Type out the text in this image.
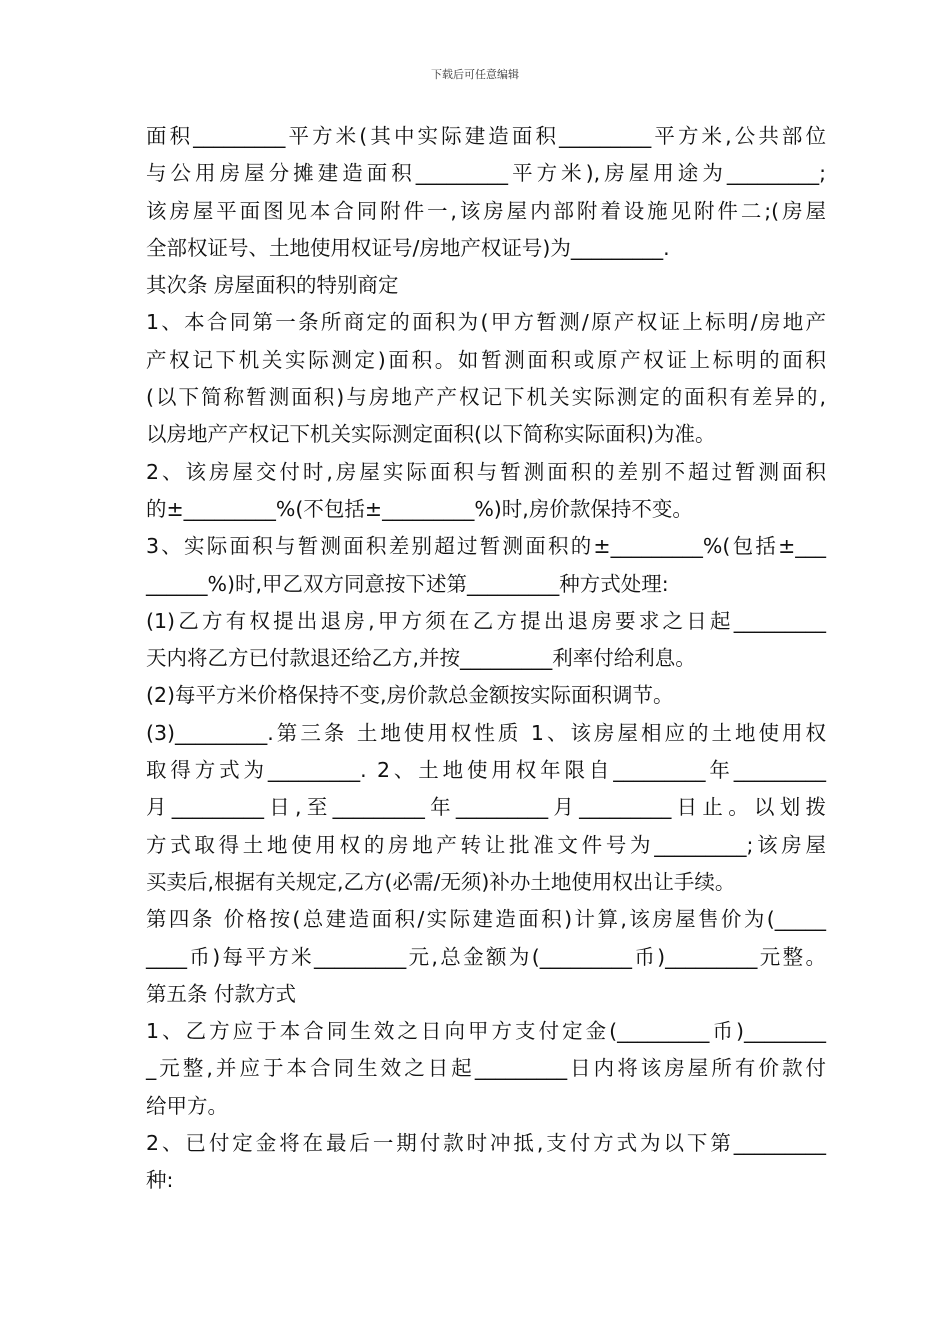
下载后可任意编辑
面积_________平方米(其中实际建造面积_________平方米,公共部位
与公用房屋分摊建造面积_________平方米),房屋用途为_________;
该房屋平面图见本合同附件一,该房屋内部附着设施见附件二;(房屋
全部权证号、土地使用权证号/房地产权证号)为_________.
其次条 房屋面积的特别商定
1、本合同第一条所商定的面积为(甲方暂测/原产权证上标明/房地产
产权记下机关实际测定)面积。如暂测面积或原产权证上标明的面积
(以下简称暂测面积)与房地产产权记下机关实际测定的面积有差异的,
以房地产产权记下机关实际测定面积(以下简称实际面积)为准。
2、该房屋交付时,房屋实际面积与暂测面积的差别不超过暂测面积
的±_________%(不包括±_________%)时,房价款保持不变。
3、实际面积与暂测面积差别超过暂测面积的±_________%(包括±___
______%)时,甲乙双方同意按下述第_________种方式处理:
(1)乙方有权提出退房,甲方须在乙方提出退房要求之日起_________
天内将乙方已付款退还给乙方,并按_________利率付给利息。
(2)每平方米价格保持不变,房价款总金额按实际面积调节。
(3)_________.第三条 土地使用权性质 1、该房屋相应的土地使用权
取得方式为_________. 2、土地使用权年限自_________年_________
月_________日,至_________年_________月_________日止。以划拨
方式取得土地使用权的房地产转让批准文件号为_________;该房屋
买卖后,根据有关规定,乙方(必需/无须)补办土地使用权出让手续。
第四条 价格按(总建造面积/实际建造面积)计算,该房屋售价为(_____
____币)每平方米_________元,总金额为(_________币)_________元整。
第五条 付款方式
1、乙方应于本合同生效之日向甲方支付定金(_________币)________
_元整,并应于本合同生效之日起_________日内将该房屋所有价款付
给甲方。
2、已付定金将在最后一期付款时冲抵,支付方式为以下第_________
种:
